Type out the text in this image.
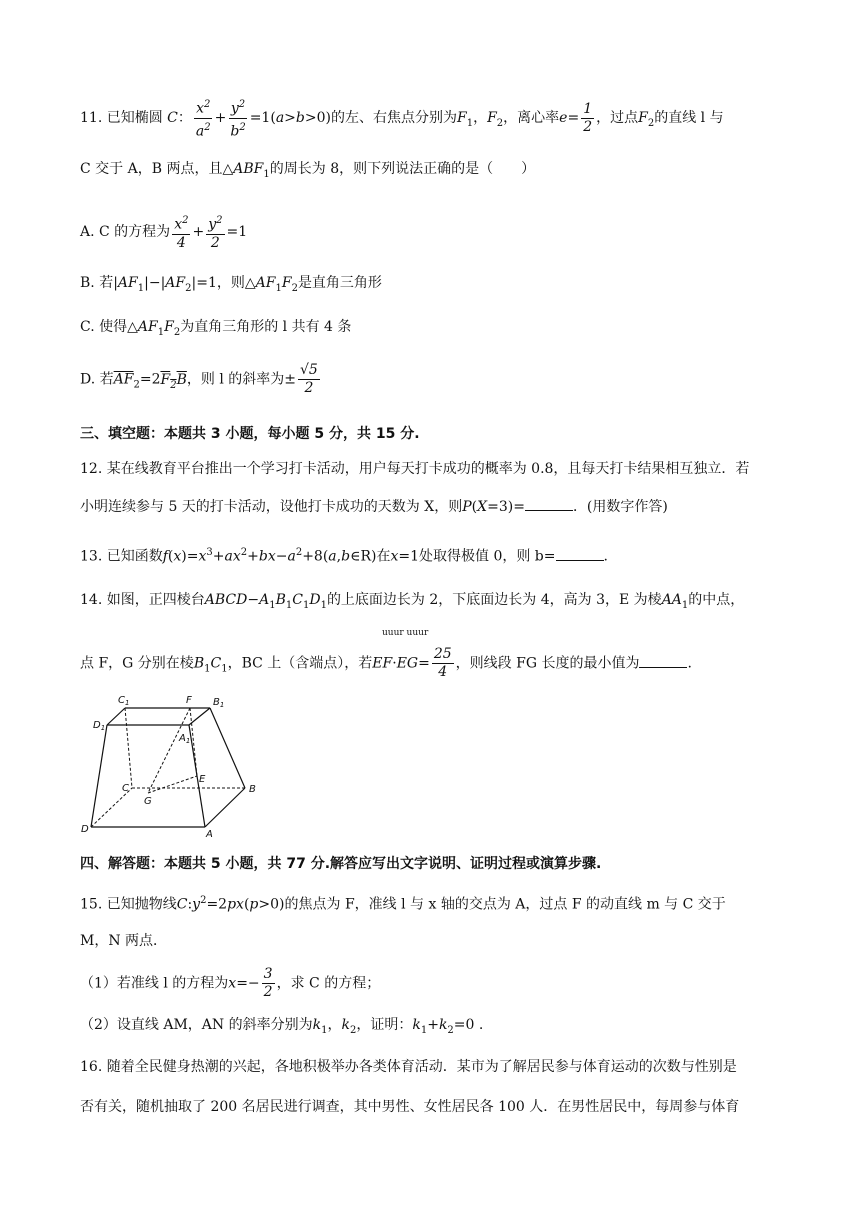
11. 已知椭圆 C： $\frac{x^2}{a^2} + \frac{y^2}{b^2} =1(a>b>0)$的左、右焦点分别为$F_1$，$F_2$，离心率$e= \frac{1}{2}$ ，过点$F_2$的直线 l 与
C 交于 A，B 两点，且$\triangle ABF_1$的周长为 8，则下列说法正确的是（　　）
A. C 的方程为 $\frac{x^2}{4} + \frac{y^2}{2} =1$
B. 若$|AF_1|-|AF_2|=1$，则$\triangle AF_1F_2$是直角三角形
C. 使得$\triangle AF_1F_2$为直角三角形的 l 共有 4 条
D. 若$\overline{AF}_2=2F_2B$，则 l 的斜率为± $\frac{√5}{2}$
三、填空题：本题共 3 小题，每小题 5 分，共 15 分.
12. 某在线教育平台推出一个学习打卡活动，用户每天打卡成功的概率为 0.8，且每天打卡结果相互独立．若
小明连续参与 5 天的打卡活动，设他打卡成功的天数为 X，则P(X=3)=	．(用数字作答)
13. 已知函数$f(x)=x^3+ax^2+bx-a^2+8(a,b\in R)$在x=1处取得极值 0，则 b=	.
14. 如图，正四棱台$ABCD-A_1B_1C_1D_1$的上底面边长为 2，下底面边长为 4，高为 3，E 为棱$AA_1$的中点，
uuur uuur
点 F，G 分别在棱$B_1C_1$，BC 上（含端点），若$EF\cdot EG= \frac{25}{4}$ ，则线段 FG 长度的最小值为	.
$C_1$	F $B_1$
$D_1$
$A_1$
C
E
B
G
D	A
四、解答题：本题共 5 小题，共 77 分.解答应写出文字说明、证明过程或演算步骤.
15. 已知抛物线$C:y^2=2px(p>0)$的焦点为 F，准线 l 与 x 轴的交点为 A，过点 F 的动直线 m 与 C 交于
M，N 两点．
（1）若准线 l 的方程为$x=- \frac{3}{2}$ ，求 C 的方程；
（2）设直线 AM，AN 的斜率分别为$k_1$，$k_2$，证明：$k_1+k_2=0$ .
16. 随着全民健身热潮的兴起，各地积极举办各类体育活动．某市为了解居民参与体育运动的次数与性别是
否有关，随机抽取了 200 名居民进行调查，其中男性、女性居民各 100 人．在男性居民中，每周参与体育
